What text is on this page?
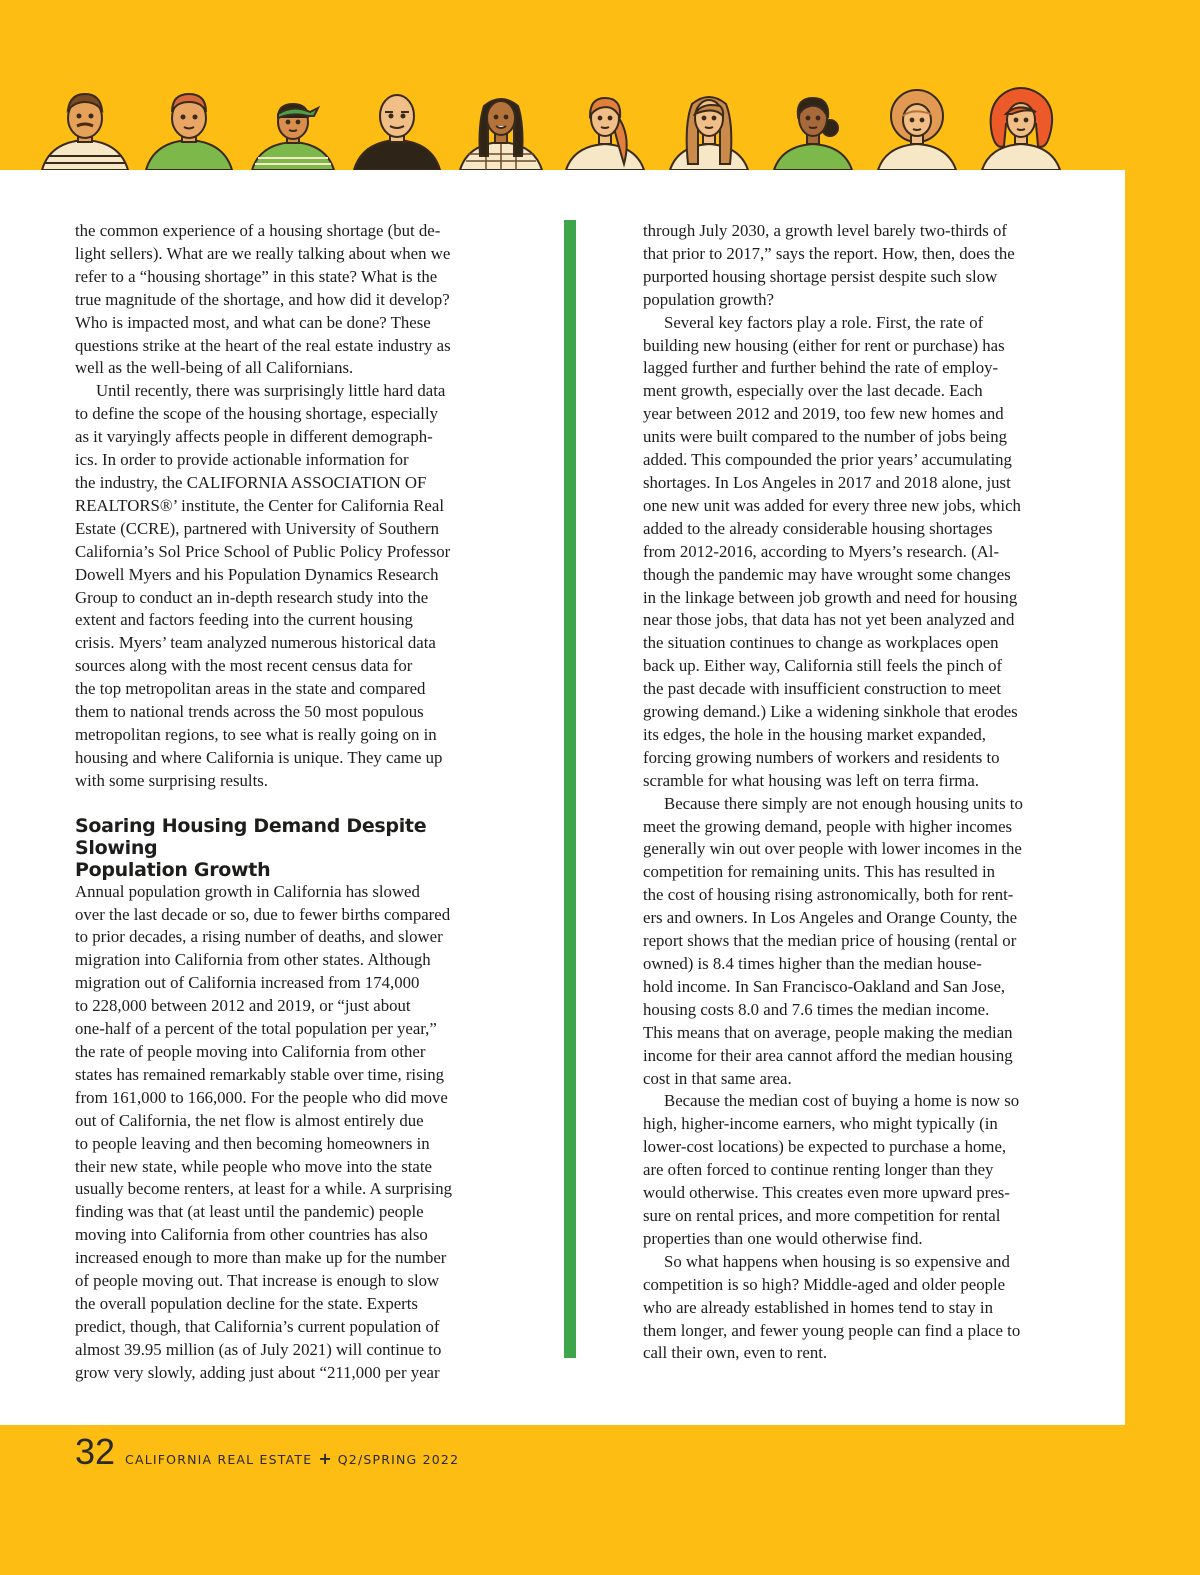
the common experience of a housing shortage (but de-
light sellers). What are we really talking about when we
refer to a “housing shortage” in this state? What is the
true magnitude of the shortage, and how did it develop?
Who is impacted most, and what can be done? These
questions strike at the heart of the real estate industry as
well as the well-being of all Californians.

Until recently, there was surprisingly little hard data
to define the scope of the housing shortage, especially
as it varyingly affects people in different demograph-
ics. In order to provide actionable information for
the industry, the CALIFORNIA ASSOCIATION OF
REALTORS®’ institute, the Center for California Real
Estate (CCRE), partnered with University of Southern
California’s Sol Price School of Public Policy Professor
Dowell Myers and his Population Dynamics Research
Group to conduct an in-depth research study into the
extent and factors feeding into the current housing
crisis. Myers’ team analyzed numerous historical data
sources along with the most recent census data for
the top metropolitan areas in the state and compared
them to national trends across the 50 most populous
metropolitan regions, to see what is really going on in
housing and where California is unique. They came up
with some surprising results.

Soaring Housing Demand Despite Slowing
Population Growth

Annual population growth in California has slowed
over the last decade or so, due to fewer births compared
to prior decades, a rising number of deaths, and slower
migration into California from other states. Although
migration out of California increased from 174,000
to 228,000 between 2012 and 2019, or “just about
one-half of a percent of the total population per year,”
the rate of people moving into California from other
states has remained remarkably stable over time, rising
from 161,000 to 166,000. For the people who did move
out of California, the net flow is almost entirely due
to people leaving and then becoming homeowners in
their new state, while people who move into the state
usually become renters, at least for a while. A surprising
finding was that (at least until the pandemic) people
moving into California from other countries has also
increased enough to more than make up for the number
of people moving out. That increase is enough to slow
the overall population decline for the state. Experts
predict, though, that California’s current population of
almost 39.95 million (as of July 2021) will continue to
grow very slowly, adding just about “211,000 per year

through July 2030, a growth level barely two-thirds of
that prior to 2017,” says the report. How, then, does the
purported housing shortage persist despite such slow
population growth?

Several key factors play a role. First, the rate of
building new housing (either for rent or purchase) has
lagged further and further behind the rate of employ-
ment growth, especially over the last decade. Each
year between 2012 and 2019, too few new homes and
units were built compared to the number of jobs being
added. This compounded the prior years’ accumulating
shortages. In Los Angeles in 2017 and 2018 alone, just
one new unit was added for every three new jobs, which
added to the already considerable housing shortages
from 2012-2016, according to Myers’s research. (Al-
though the pandemic may have wrought some changes
in the linkage between job growth and need for housing
near those jobs, that data has not yet been analyzed and
the situation continues to change as workplaces open
back up. Either way, California still feels the pinch of
the past decade with insufficient construction to meet
growing demand.) Like a widening sinkhole that erodes
its edges, the hole in the housing market expanded,
forcing growing numbers of workers and residents to
scramble for what housing was left on terra firma.

Because there simply are not enough housing units to
meet the growing demand, people with higher incomes
generally win out over people with lower incomes in the
competition for remaining units. This has resulted in
the cost of housing rising astronomically, both for rent-
ers and owners. In Los Angeles and Orange County, the
report shows that the median price of housing (rental or
owned) is 8.4 times higher than the median house-
hold income. In San Francisco-Oakland and San Jose,
housing costs 8.0 and 7.6 times the median income.
This means that on average, people making the median
income for their area cannot afford the median housing
cost in that same area.

Because the median cost of buying a home is now so
high, higher-income earners, who might typically (in
lower-cost locations) be expected to purchase a home,
are often forced to continue renting longer than they
would otherwise. This creates even more upward pres-
sure on rental prices, and more competition for rental
properties than one would otherwise find.

So what happens when housing is so expensive and
competition is so high? Middle-aged and older people
who are already established in homes tend to stay in
them longer, and fewer young people can find a place to
call their own, even to rent.

32 CALIFORNIA REAL ESTATE + Q2/SPRING 2022
